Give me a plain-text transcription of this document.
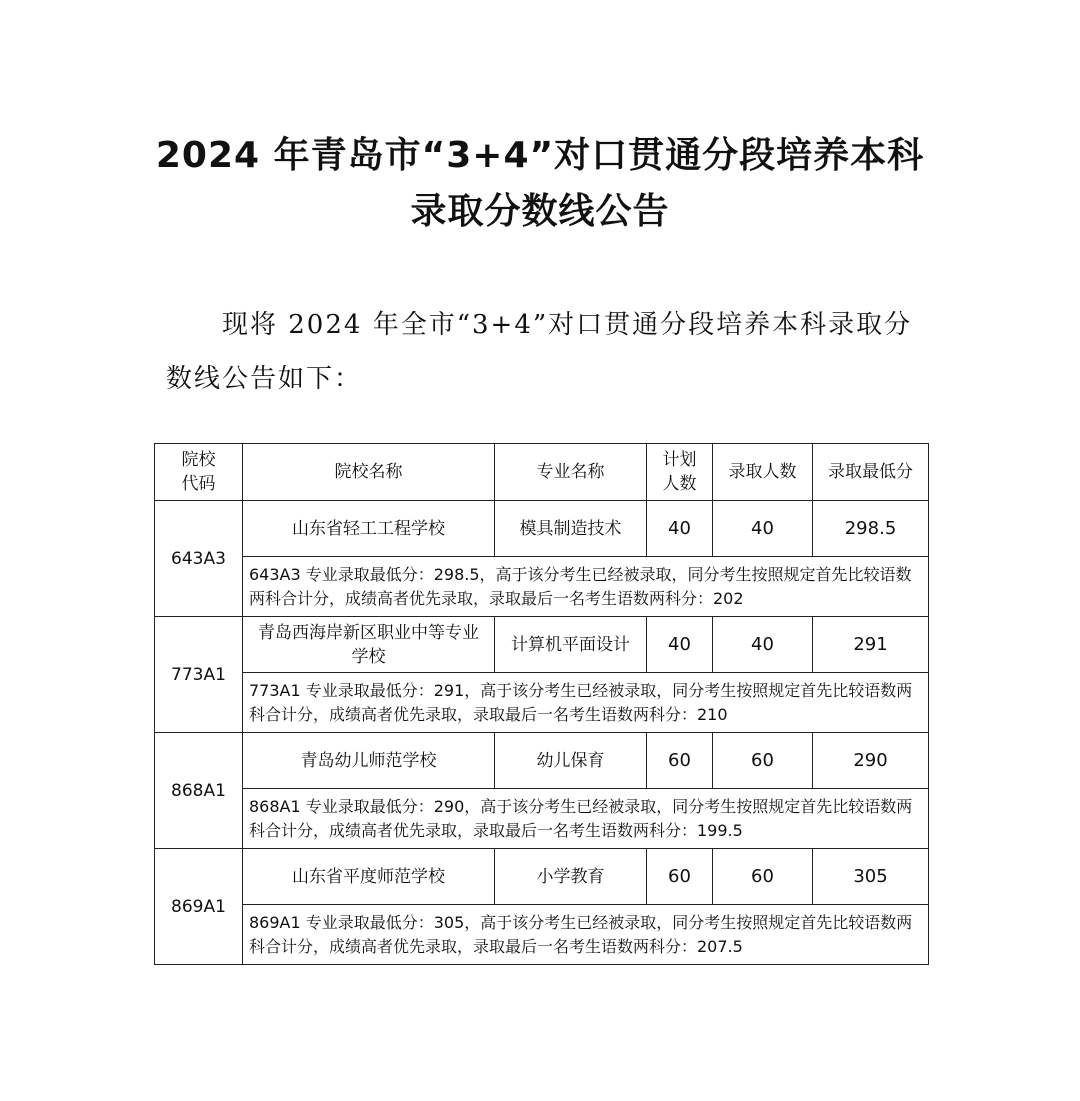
2024 年青岛市“3+4”对口贯通分段培养本科
录取分数线公告

现将 2024 年全市“3+4”对口贯通分段培养本科录取分数线公告如下：

院校代码	院校名称	专业名称	计划人数	录取人数	录取最低分
643A3	山东省轻工工程学校	模具制造技术	40	40	298.5
	643A3 专业录取最低分：298.5，高于该分考生已经被录取，同分考生按照规定首先比较语数两科合计分，成绩高者优先录取，录取最后一名考生语数两科分：202				
773A1	青岛西海岸新区职业中等专业学校	计算机平面设计	40	40	291
	773A1 专业录取最低分：291，高于该分考生已经被录取，同分考生按照规定首先比较语数两科合计分，成绩高者优先录取，录取最后一名考生语数两科分：210				
868A1	青岛幼儿师范学校	幼儿保育	60	60	290
	868A1 专业录取最低分：290，高于该分考生已经被录取，同分考生按照规定首先比较语数两科合计分，成绩高者优先录取，录取最后一名考生语数两科分：199.5				
869A1	山东省平度师范学校	小学教育	60	60	305
	869A1 专业录取最低分：305，高于该分考生已经被录取，同分考生按照规定首先比较语数两科合计分，成绩高者优先录取，录取最后一名考生语数两科分：207.5				
